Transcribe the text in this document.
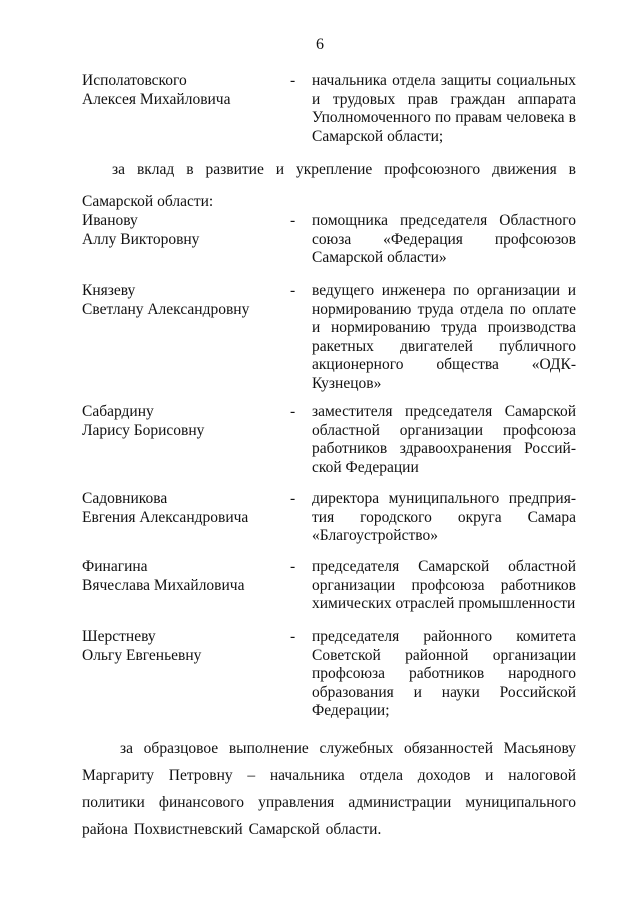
6
Исполатовского
Алексея Михайловича
-	начальника отдела защиты социальных и трудовых прав граждан аппарата Уполномоченного по правам человека в Самарской области;
за вклад в развитие и укрепление профсоюзного движения в Самарской области:
Иванову
Аллу Викторовну
-	помощника председателя Областного союза «Федерация профсоюзов Самарской области»
Князеву
Светлану Александровну
-	ведущего инженера по организации и нормированию труда отдела по оплате и нормированию труда производства ракетных двигателей публичного акционерного общества «ОДК-Кузнецов»
Сабардину
Ларису Борисовну
-	заместителя председателя Самарской областной организации профсоюза работников здравоохранения Россий-ской Федерации
Садовникова
Евгения Александровича
-	директора муниципального предприя-тия городского округа Самара «Благоустройство»
Финагина
Вячеслава Михайловича
-	председателя Самарской областной организации профсоюза работников химических отраслей промышленности
Шерстневу
Ольгу Евгеньевну
-	председателя районного комитета Советской районной организации профсоюза работников народного образования и науки Российской Федерации;
за образцовое выполнение служебных обязанностей Масьянову Маргариту Петровну – начальника отдела доходов и налоговой политики финансового управления администрации муниципального района Похвистневский Самарской области.
